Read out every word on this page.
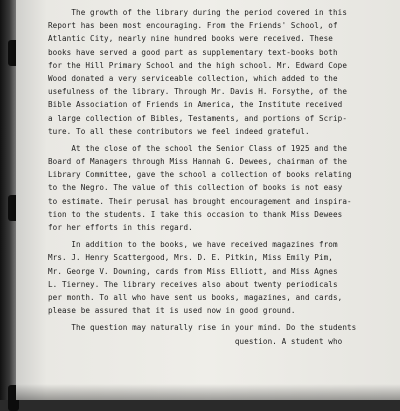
The growth of the library during the period covered in this
Report has been most encouraging. From the Friends' School, of
Atlantic City, nearly nine hundred books were received. These
books have served a good part as supplementary text-books both
for the Hill Primary School and the high school. Mr. Edward Cope
Wood donated a very serviceable collection, which added to the
usefulness of the library. Through Mr. Davis H. Forsythe, of the
Bible Association of Friends in America, the Institute received
a large collection of Bibles, Testaments, and portions of Scrip-
ture. To all these contributors we feel indeed grateful.
At the close of the school the Senior Class of 1925 and the
Board of Managers through Miss Hannah G. Dewees, chairman of the
Library Committee, gave the school a collection of books relating
to the Negro. The value of this collection of books is not easy
to estimate. Their perusal has brought encouragement and inspira-
tion to the students. I take this occasion to thank Miss Dewees
for her efforts in this regard.
In addition to the books, we have received magazines from
Mrs. J. Henry Scattergood, Mrs. D. E. Pitkin, Miss Emily Pim,
Mr. George V. Downing, cards from Miss Elliott, and Miss Agnes
L. Tierney. The library receives also about twenty periodicals
per month. To all who have sent us books, magazines, and cards,
please be assured that it is used now in good ground.
The question may naturally rise in your mind. Do the students
question. A student who
